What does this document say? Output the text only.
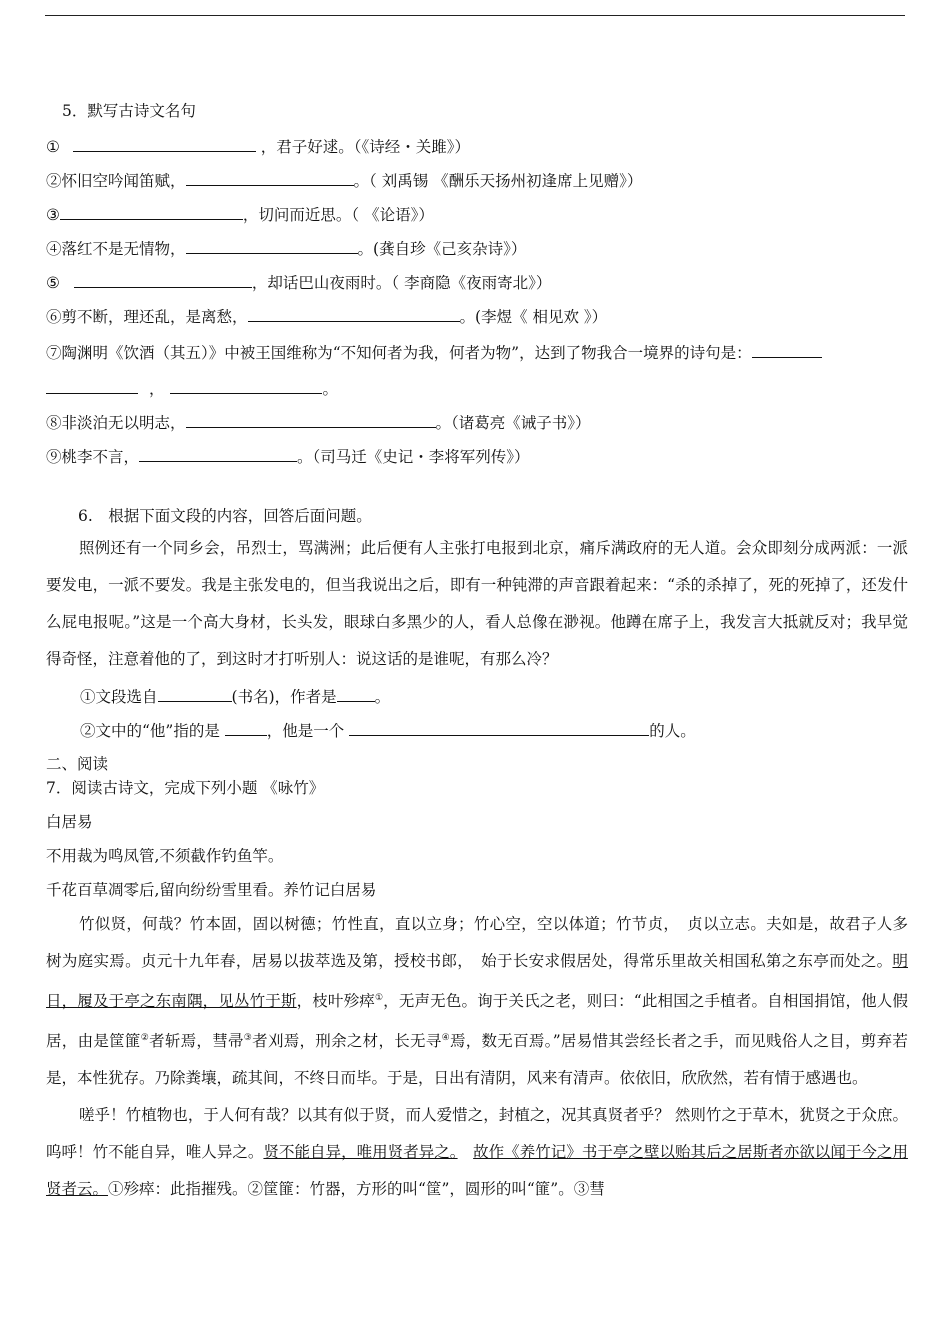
5．默写古诗文名句
①	，君子好逑。（《诗经・关雎》）
②怀旧空吟闻笛赋，	。（ 刘禹锡 《酬乐天扬州初逢席上见赠》）
③	，切问而近思。（ 《论语》）
④落红不是无情物，	。(龚自珍《己亥杂诗》）
⑤	，却话巴山夜雨时。（ 李商隐《夜雨寄北》）
⑥剪不断，理还乱，是离愁，	。(李煜《 相见欢 》）
⑦陶渊明《饮酒（其五）》中被王国维称为“不知何者为我，何者为物”，达到了物我合一境界的诗句是：
，	。
⑧非淡泊无以明志，	。（诸葛亮《诫子书》）
⑨桃李不言，	。（司马迁《史记・李将军列传》）
6.　根据下面文段的内容，回答后面问题。

照例还有一个同乡会，吊烈士，骂满洲；此后便有人主张打电报到北京，痛斥满政府的无人道。会众即刻分成两派：一派要发电，一派不要发。我是主张发电的，但当我说出之后，即有一种钝滞的声音跟着起来：“杀的杀掉了，死的死掉了，还发什么屁电报呢。”这是一个高大身材，长头发，眼球白多黑少的人，看人总像在渺视。他蹲在席子上，我发言大抵就反对；我早觉得奇怪，注意着他的了，到这时才打听别人：说这话的是谁呢，有那么冷？

①文段选自	(书名)，作者是 。
②文中的“他”指的是	，他是一个	的人。
二、阅读
7．阅读古诗文，完成下列小题 《咏竹》
白居易
不用裁为鸣凤管,不须截作钓鱼竿。
千花百草凋零后,留向纷纷雪里看。养竹记白居易

竹似贤，何哉？竹本固，固以树德；竹性直，直以立身；竹心空，空以体道；竹节贞，　贞以立志。夫如是，故君子人多树为庭实焉。贞元十九年春，居易以拔萃选及第，授校书郎，　始于长安求假居处，得常乐里故关相国私第之东亭而处之。明日，履及于亭之东南隅，见丛竹于斯，枝叶殄瘁①，无声无色。询于关氏之老，则曰：“此相国之手植者。自相国捐馆，他人假居，由是筐篚②者斩焉，彗帚③者刈焉，刑余之材，长无寻④焉，数无百焉。”居易惜其尝经长者之手，而见贱俗人之目，剪弃若是，本性犹存。乃除粪壤，疏其间，不终日而毕。于是，日出有清阴，风来有清声。依依旧，欣欣然，若有情于感遇也。

嗟乎！竹植物也，于人何有哉？以其有似于贤，而人爱惜之，封植之，况其真贤者乎？ 然则竹之于草木，犹贤之于众庶。呜呼！竹不能自异，唯人异之。贤不能自异，唯用贤者异之。　 故作《养竹记》书于亭之壁以贻其后之居斯者亦欲以闻于今之用贤者云。①殄瘁：此指摧残。②筐篚：竹器，方形的叫“筐”，圆形的叫“篚”。③彗
